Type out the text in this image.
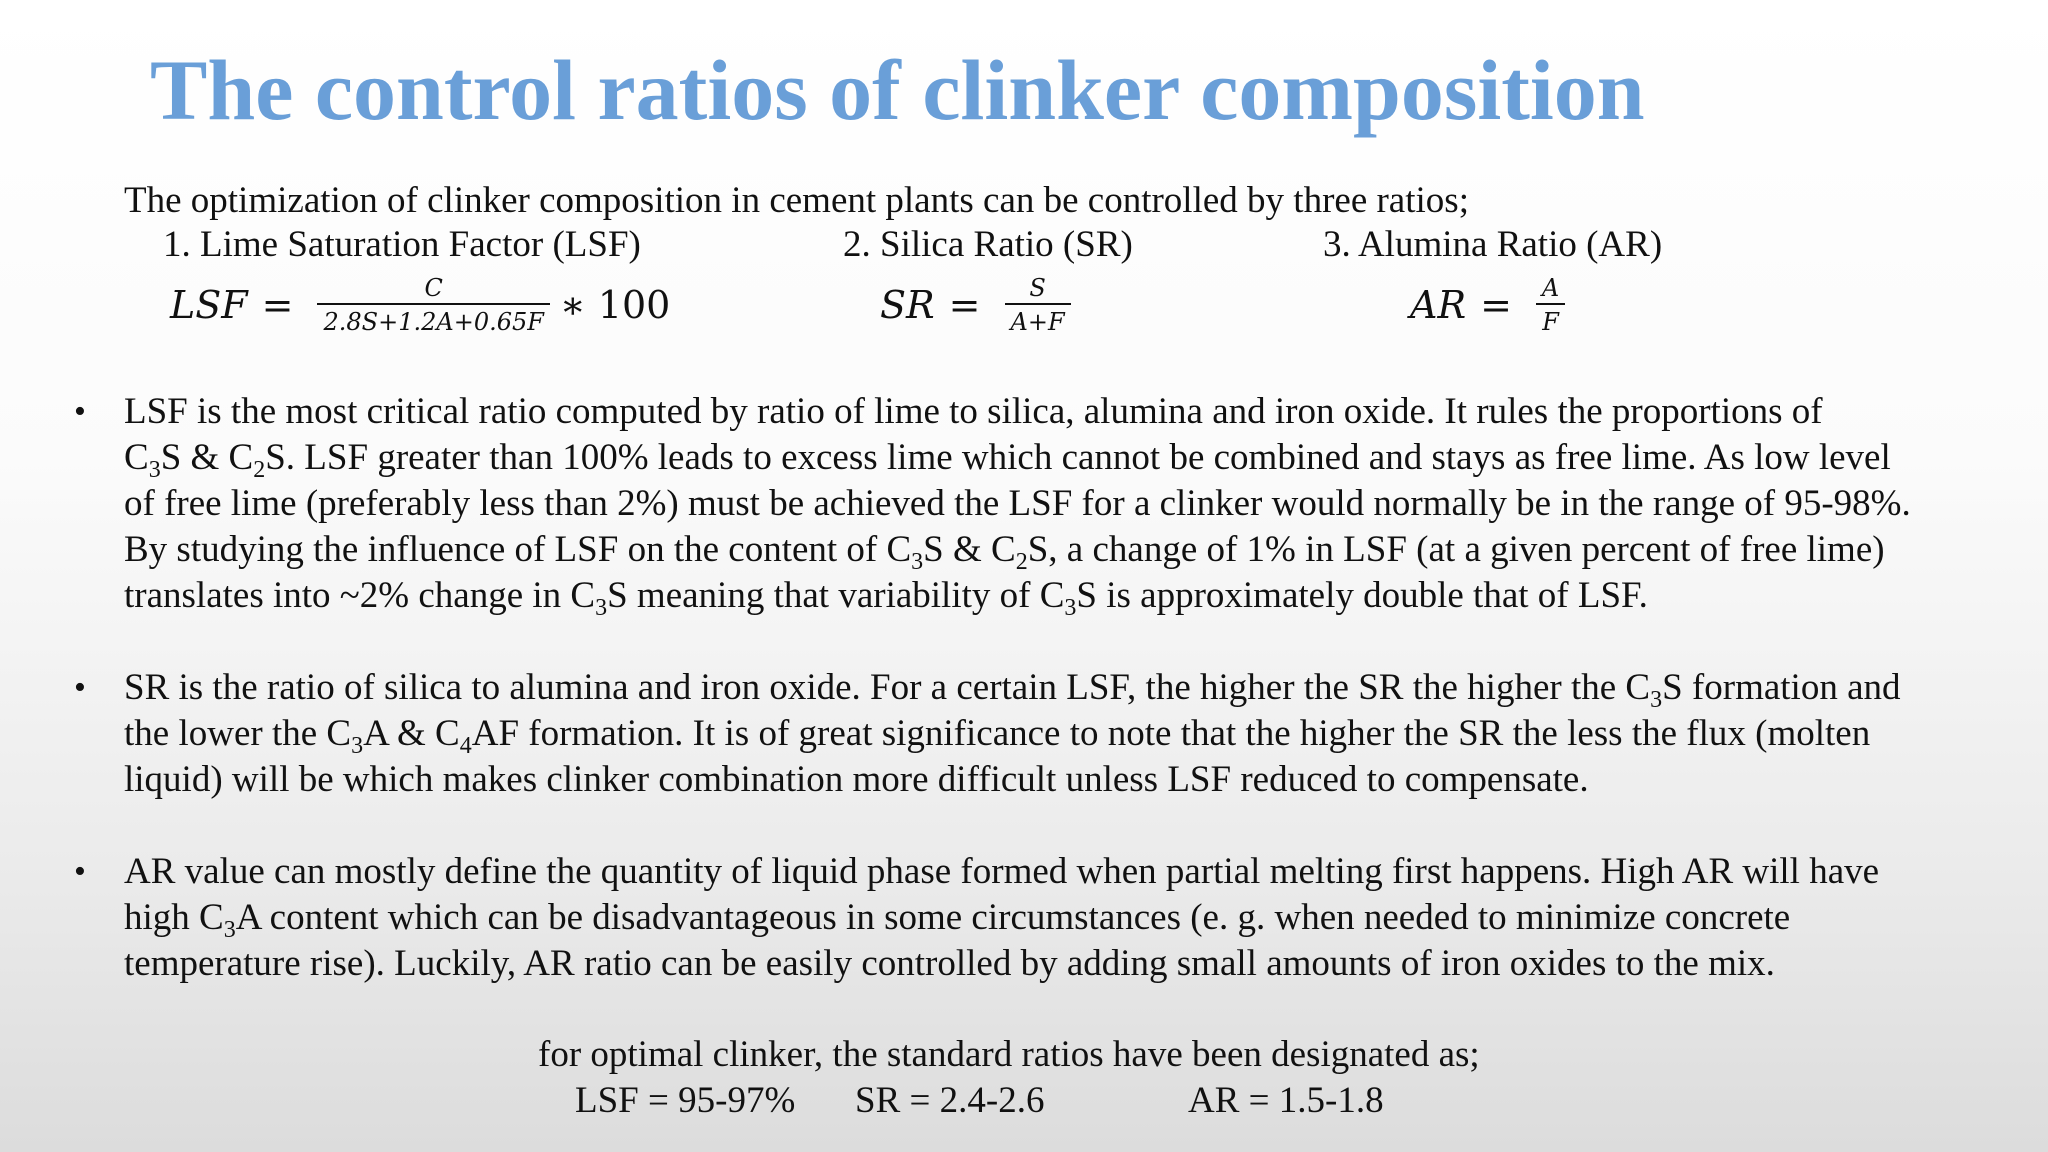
The control ratios of clinker composition
The optimization of clinker composition in cement plants can be controlled by three ratios;
1. Lime Saturation Factor (LSF)	2. Silica Ratio (SR)	3. Alumina Ratio (AR)
LSF = $\frac{C}{2.8S+1.2A+0.65F}$ ∗ 100	SR = $\frac{S}{A+F}$	AR = $\frac{A}{F}$
• LSF is the most critical ratio computed by ratio of lime to silica, alumina and iron oxide. It rules the proportions of
$C_3S$ & $C_2S$. LSF greater than 100% leads to excess lime which cannot be combined and stays as free lime. As low level
of free lime (preferably less than 2%) must be achieved the LSF for a clinker would normally be in the range of 95-98%.
By studying the influence of LSF on the content of $C_3S$ & $C_2S$, a change of 1% in LSF (at a given percent of free lime)
translates into ~2% change in $C_3S$ meaning that variability of $C_3S$ is approximately double that of LSF.
• SR is the ratio of silica to alumina and iron oxide. For a certain LSF, the higher the SR the higher the $C_3S$ formation and
the lower the $C_3A$ & $C_4AF$ formation. It is of great significance to note that the higher the SR the less the flux (molten
liquid) will be which makes clinker combination more difficult unless LSF reduced to compensate.
• AR value can mostly define the quantity of liquid phase formed when partial melting first happens. High AR will have
high $C_3A$ content which can be disadvantageous in some circumstances (e. g. when needed to minimize concrete
temperature rise). Luckily, AR ratio can be easily controlled by adding small amounts of iron oxides to the mix.
for optimal clinker, the standard ratios have been designated as;
LSF = 95-97% SR = 2.4-2.6	AR = 1.5-1.8
